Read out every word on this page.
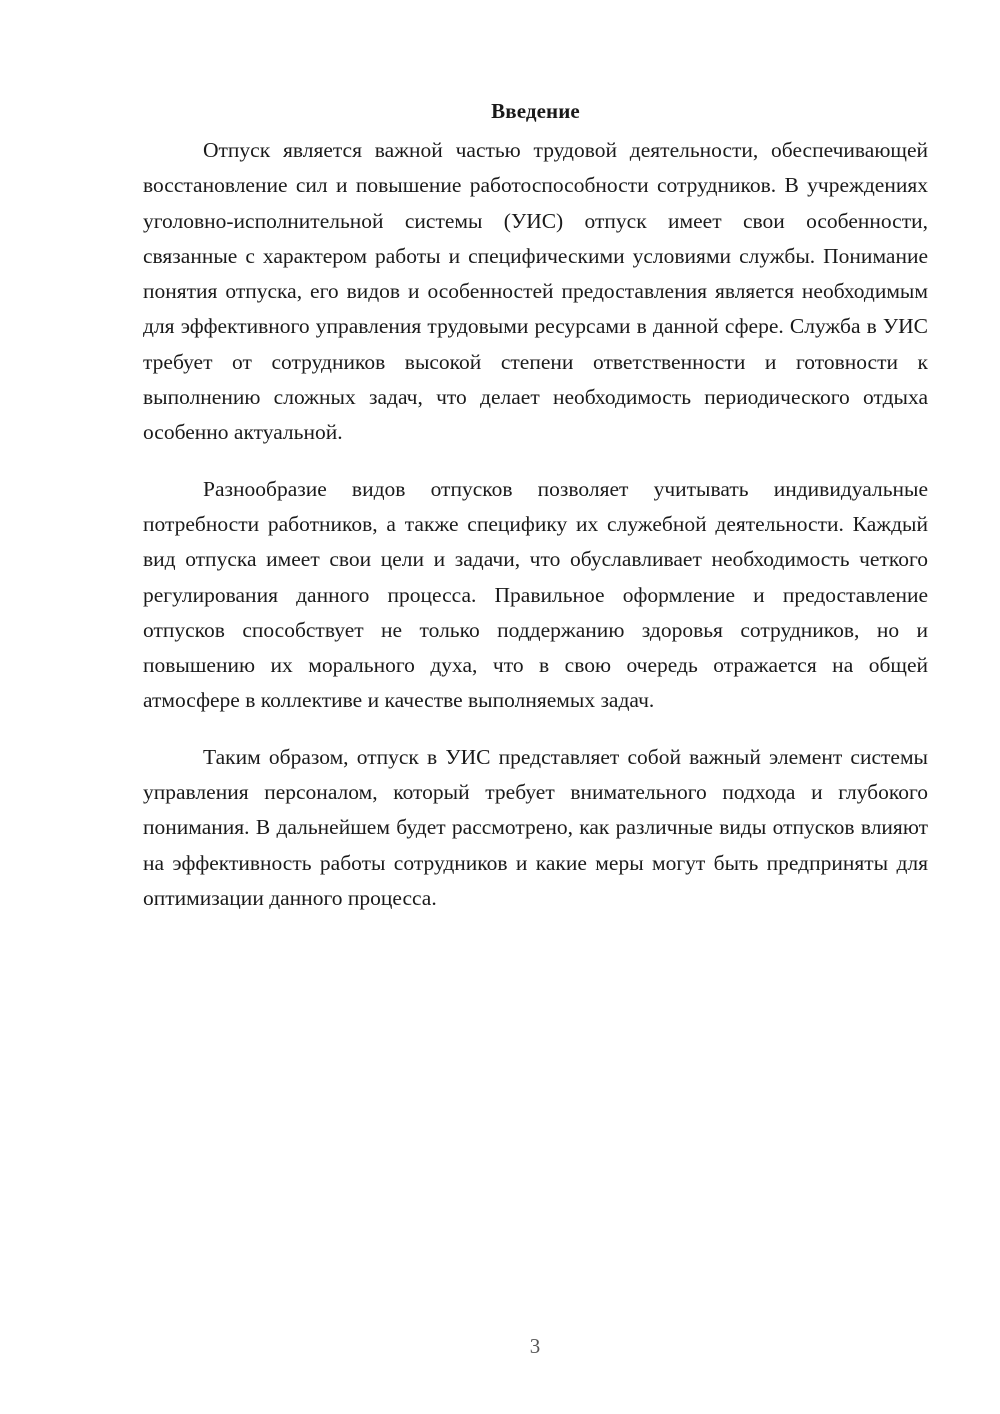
Введение

Отпуск является важной частью трудовой деятельности, обеспечивающей восстановление сил и повышение работоспособности сотрудников. В учреждениях уголовно-исполнительной системы (УИС) отпуск имеет свои особенности, связанные с характером работы и специфическими условиями службы. Понимание понятия отпуска, его видов и особенностей предоставления является необходимым для эффективного управления трудовыми ресурсами в данной сфере. Служба в УИС требует от сотрудников высокой степени ответственности и готовности к выполнению сложных задач, что делает необходимость периодического отдыха особенно актуальной.

Разнообразие видов отпусков позволяет учитывать индивидуальные потребности работников, а также специфику их служебной деятельности. Каждый вид отпуска имеет свои цели и задачи, что обуславливает необходимость четкого регулирования данного процесса. Правильное оформление и предоставление отпусков способствует не только поддержанию здоровья сотрудников, но и повышению их морального духа, что в свою очередь отражается на общей атмосфере в коллективе и качестве выполняемых задач.

Таким образом, отпуск в УИС представляет собой важный элемент системы управления персоналом, который требует внимательного подхода и глубокого понимания. В дальнейшем будет рассмотрено, как различные виды отпусков влияют на эффективность работы сотрудников и какие меры могут быть предприняты для оптимизации данного процесса.

3
